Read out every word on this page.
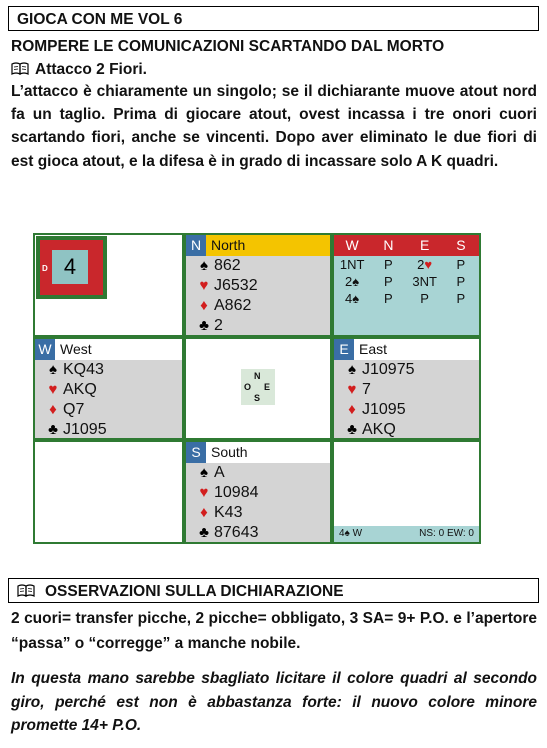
GIOCA CON ME VOL 6
ROMPERE LE COMUNICAZIONI SCARTANDO DAL MORTO
Attacco 2 Fiori.
L’attacco è chiaramente un singolo; se il dichiarante muove atout nord fa un taglio. Prima di giocare atout, ovest incassa i tre onori cuori scartando fiori, anche se vincenti. Dopo aver eliminato le due fiori di est gioca atout, e la difesa è in grado di incassare solo A K quadri.
4
D
N North
♠ 862
♥ J6532
♦ A862
♣ 2
W	N	E	S
1NT	P	2♥	P
2♠	P	3NT	P
4♠	P	P	P
W West
♠ KQ43
♥ AKQ
♦ Q7
♣ J1095
N
O E
S
E East
♠ J10975
♥ 7
♦ J1095
♣ AKQ
S South
♠ A
♥ 10984
♦ K43
♣ 87643	4♠ W	NS: 0 EW: 0
OSSERVAZIONI SULLA DICHIARAZIONE
2 cuori= transfer picche, 2 picche= obbligato, 3 SA= 9+ P.O. e l’apertore “passa” o “correggе” a manche nobile.
In questa mano sarebbe sbagliato licitare il colore quadri al secondo giro, perché est non è abbastanza forte: il nuovo colore minore promette 14+ P.O.
